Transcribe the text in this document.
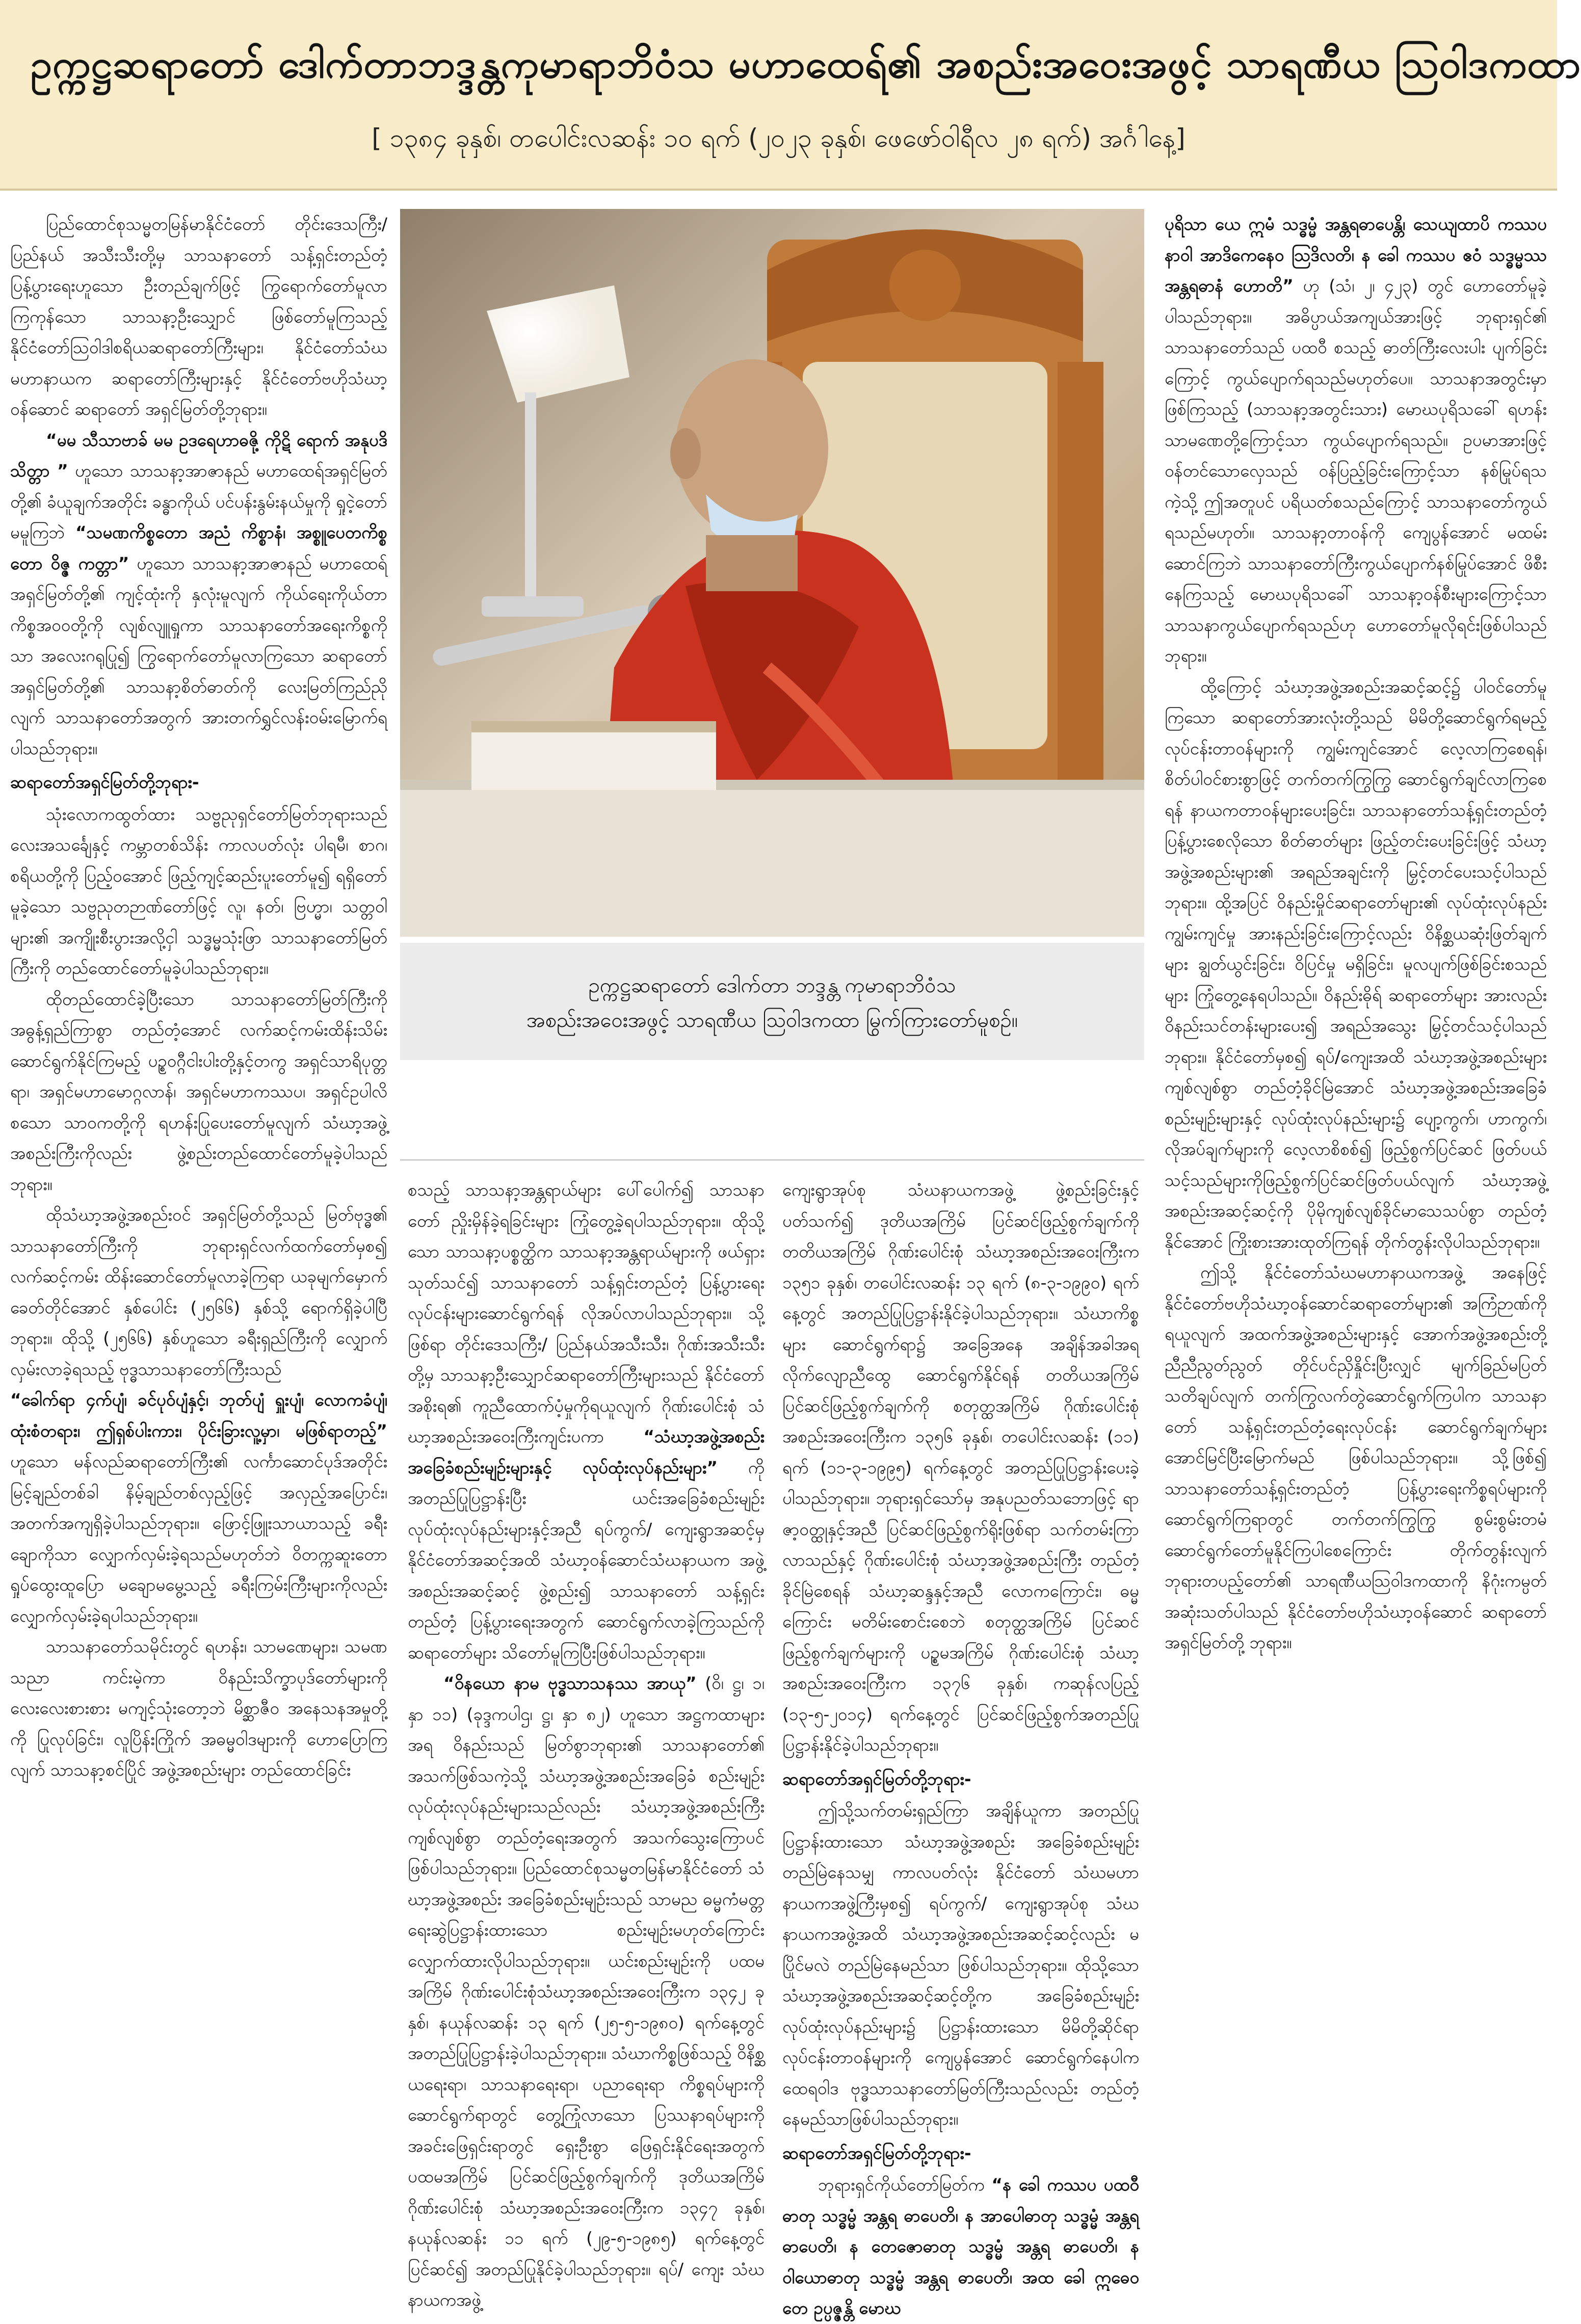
ဥက္ကဋ္ဌဆရာတော် ဒေါက်တာဘဒ္ဒန္တကုမာရာဘိဝံသ မဟာထေရ်၏ အစည်းအဝေးအဖွင့် သာရဏီယ ဩဝါဒကထာ
[ ၁၃၈၄ ခုနှစ်၊ တပေါင်းလဆန်း ၁၀ ရက် (၂၀၂၃ ခုနှစ်၊ ဖေဖော်ဝါရီလ ၂၈ ရက်) အင်္ဂါနေ့]

ပြည်ထောင်စုသမ္မတမြန်မာနိုင်ငံတော် တိုင်းဒေသကြီး/ ပြည်နယ် အသီးသီးတို့မှ သာသနာတော် သန့်ရှင်းတည်တံ့ ပြန့်ပွားရေးဟူသော ဦးတည်ချက်ဖြင့် ကြွရောက်တော်မူလာကြကုန်သော သာသနာ့ဦးသျှောင် ဖြစ်တော်မူကြသည့် နိုင်ငံတော်ဩဝါဒါစရိယဆရာတော်ကြီးများ၊ နိုင်ငံတော်သံဃမဟာနာယက ဆရာတော်ကြီးများနှင့် နိုင်ငံတော်ဗဟိုသံဃာ့ဝန်ဆောင် ဆရာတော် အရှင်မြတ်တို့ဘုရား။

“မမ သီသာဗာခ် မမ ဥဒရေဟာဓဇို့ ကိုဋိ ရောက် အနုပဒိသိတ္တာ ” ဟူသော သာသနာ့အာဇာနည် မဟာထေရ်အရှင်မြတ်တို့၏ ခံယူချက်အတိုင်း ခန္ဓာကိုယ် ပင်ပန်းနွမ်းနယ်မှုကို ရှုငဲ့တော်မမူကြဘဲ “သမဏကိစ္စတော အညံ ကိစ္စာနံ၊ အစ္စူပေတကိစ္စတော ဝိဇ္ဇ ကတ္တာ” ဟူသော သာသနာ့အာဇာနည် မဟာထေရ်အရှင်မြတ်တို့၏ ကျင့်ထုံးကို နှလုံးမူလျက် ကိုယ်ရေးကိုယ်တာကိစ္စအဝဝတို့ကို လျစ်လျူရှုကာ သာသနာတော်အရေးကိစ္စကိုသာ အလေးဂရုပြု၍ ကြွရောက်တော်မူလာကြသော ဆရာတော် အရှင်မြတ်တို့၏ သာသနာ့စိတ်ဓာတ်ကို လေးမြတ်ကြည်ညိုလျက် သာသနာတော်အတွက် အားတက်ရွှင်လန်းဝမ်းမြောက်ရပါသည်ဘုရား။

ဆရာတော်အရှင်မြတ်တို့ဘုရား-

သုံးလောကထွတ်ထား သဗ္ဗညုရှင်တော်မြတ်ဘုရားသည် လေးအသင်္ချေနှင့် ကမ္ဘာတစ်သိန်း ကာလပတ်လုံး ပါရမီ၊ စာဂ၊ စရိယတို့ကို ပြည့်ဝအောင် ဖြည့်ကျင့်ဆည်းပူးတော်မူ၍ ရရှိတော်မူခဲ့သော သဗ္ဗညုတဉာဏ်တော်ဖြင့် လူ၊ နတ်၊ ဗြဟ္မာ၊ သတ္တဝါများ၏ အကျိုးစီးပွားအလို့ငှါ သဒ္ဓမ္မသုံးဖြာ သာသနာတော်မြတ်ကြီးကို တည်ထောင်တော်မူခဲ့ပါသည်ဘုရား။

ထိုတည်ထောင်ခဲ့ပြီးသော သာသနာတော်မြတ်ကြီးကို အဓွန့်ရှည်ကြာစွာ တည်တံ့အောင် လက်ဆင့်ကမ်းထိန်းသိမ်းဆောင်ရွက်နိုင်ကြမည့် ပဉ္စဝဂ္ဂီငါးပါးတို့နှင့်တကွ အရှင်သာရိပုတ္တရာ၊ အရှင်မဟာမောဂ္ဂလာန်၊ အရှင်မဟာကဿပ၊ အရှင်ဥပါလိ စသော သာဝကတို့ကို ရဟန်းပြုပေးတော်မူလျက် သံဃာ့အဖွဲ့အစည်းကြီးကိုလည်း ဖွဲ့စည်းတည်ထောင်တော်မူခဲ့ပါသည်ဘုရား။

ထိုသံဃာ့အဖွဲ့အစည်းဝင် အရှင်မြတ်တို့သည် မြတ်ဗုဒ္ဓ၏ သာသနာတော်ကြီးကို ဘုရားရှင်လက်ထက်တော်မှစ၍ လက်ဆင့်ကမ်း ထိန်းဆောင်တော်မူလာခဲ့ကြရာ ယခုမျက်မှောက်ခေတ်တိုင်အောင် နှစ်ပေါင်း (၂၅၆၆) နှစ်သို့ ရောက်ရှိခဲ့ပါပြီဘုရား။ ထိုသို့ (၂၅၆၆) နှစ်ဟူသော ခရီးရှည်ကြီးကို လျှောက်လှမ်းလာခဲ့ရသည့် ဗုဒ္ဓသာသနာတော်ကြီးသည်

“ခေါက်ရာ ၄က်ပျံ၊ ခင်ပုဝ်ပျံနှင့်၊ ဘုတ်ပျံ ရှူးပျံ၊ လောကခံပျံ၊ ထုံးစံတရား၊ ဤရှစ်ပါးကား၊ ပိုင်းခြားလူ့မှာ၊ မဖြစ်ရာတည့်” ဟူသော မန်လည်ဆရာတော်ကြီး၏ လင်္ကာဆောင်ပုဒ်အတိုင်း မြင့်ချည်တစ်ခါ နိမ့်ချည်တစ်လှည့်ဖြင့် အလှည့်အပြောင်း၊ အတက်အကျရှိခဲ့ပါသည်ဘုရား။ ဖြောင့်ဖြူးသာယာသည့် ခရီးချောကိုသာ လျှောက်လှမ်းခဲ့ရသည်မဟုတ်ဘဲ ဝိတက္ကဆူးတော ရှုပ်ထွေးထူပြော မချောမမွေ့သည့် ခရီးကြမ်းကြီးများကိုလည်း လျှောက်လှမ်းခဲ့ရပါသည်ဘုရား။

သာသနာတော်သမိုင်းတွင် ရဟန်း၊ သာမဏေများ၊ သမဏသညာ ကင်းမဲ့ကာ ဝိနည်းသိက္ခာပုဒ်တော်များကို လေးလေးစားစား မကျင့်သုံးတော့ဘဲ မိစ္ဆာဇီဝ အနေသနအမှုတို့ကို ပြုလုပ်ခြင်း၊ လူပြိန်းကြိုက် အဓမ္မဝါဒများကို ဟောပြောကြလျက် သာသနာ့စင်ပြိုင် အဖွဲ့အစည်းများ တည်ထောင်ခြင်း

ဥက္ကဋ္ဌဆရာတော် ဒေါက်တာ ဘဒ္ဒန္တ ကုမာရာဘိဝံသ
အစည်းအဝေးအဖွင့် သာရဏီယ ဩဝါဒကထာ မြွက်ကြားတော်မူစဉ်။

စသည့် သာသနာ့အန္တရာယ်များ ပေါ်ပေါက်၍ သာသနာတော် ညှိုးမှိန်ခဲ့ရခြင်းများ ကြုံတွေ့ခဲ့ရပါသည်ဘုရား။ ထိုသို့သော သာသနာ့ပစ္စတ္ထိက သာသနာ့အန္တရာယ်များကို ဖယ်ရှားသုတ်သင်၍ သာသနာတော် သန့်ရှင်းတည်တံ့ ပြန့်ပွားရေးလုပ်ငန်းများဆောင်ရွက်ရန် လိုအပ်လာပါသည်ဘုရား။ သို့ဖြစ်ရာ တိုင်းဒေသကြီး/ ပြည်နယ်အသီးသီး၊ ဂိုဏ်းအသီးသီးတို့မှ သာသနာ့ဦးသျှောင်ဆရာတော်ကြီးများသည် နိုင်ငံတော်အစိုးရ၏ ကူညီထောက်ပံ့မှုကိုရယူလျက် ဂိုဏ်းပေါင်းစုံ သံဃာ့အစည်းအဝေးကြီးကျင်းပကာ “သံဃာ့အဖွဲ့အစည်း အခြေခံစည်းမျဉ်းများနှင့် လုပ်ထုံးလုပ်နည်းများ” ကို အတည်ပြုပြဋ္ဌာန်းပြီး ယင်းအခြေခံစည်းမျဉ်း လုပ်ထုံးလုပ်နည်းများနှင့်အညီ ရပ်ကွက်/ ကျေးရွာအဆင့်မှ နိုင်ငံတော်အဆင့်အထိ သံဃာ့ဝန်ဆောင်သံဃနာယက အဖွဲ့အစည်းအဆင့်ဆင့် ဖွဲ့စည်း၍ သာသနာတော် သန့်ရှင်းတည်တံ့ ပြန့်ပွားရေးအတွက် ဆောင်ရွက်လာခဲ့ကြသည်ကို ဆရာတော်များ သိတော်မူကြပြီးဖြစ်ပါသည်ဘုရား။

“ဝိနယော နာမ ဗုဒ္ဓသာသနဿ အာယု” (ဝိ၊ ဋ္ဌ၊ ၁၊ နှာ ၁၁) (ခုဒ္ဒကပါဌ၊ ဋ္ဌ၊ နှာ ၈၂) ဟူသော အဋ္ဌကထာများအရ ဝိနည်းသည် မြတ်စွာဘုရား၏ သာသနာတော်၏ အသက်ဖြစ်သကဲ့သို့ သံဃာ့အဖွဲ့အစည်းအခြေခံ စည်းမျဉ်း လုပ်ထုံးလုပ်နည်းများသည်လည်း သံဃာ့အဖွဲ့အစည်းကြီး ကျစ်လျစ်စွာ တည်တံ့ရေးအတွက် အသက်သွေးကြောပင် ဖြစ်ပါသည်ဘုရား။ ပြည်ထောင်စုသမ္မတမြန်မာနိုင်ငံတော် သံဃာ့အဖွဲ့အစည်း အခြေခံစည်းမျဉ်းသည် သာမည ဓမ္မကံမတ္တ ရေးဆွဲပြဋ္ဌာန်းထားသော စည်းမျဉ်းမဟုတ်ကြောင်း လျှောက်ထားလိုပါသည်ဘုရား။ ယင်းစည်းမျဉ်းကို ပထမအကြိမ် ဂိုဏ်းပေါင်းစုံသံဃာ့အစည်းအဝေးကြီးက ၁၃၄၂ ခုနှစ်၊ နယုန်လဆန်း ၁၃ ရက် (၂၅-၅-၁၉၈၀) ရက်နေ့တွင် အတည်ပြုပြဋ္ဌာန်းခဲ့ပါသည်ဘုရား။ သံဃာကိစ္စဖြစ်သည့် ဝိနိစ္ဆယရေးရာ၊ သာသနာရေးရာ၊ ပညာရေးရာ ကိစ္စရပ်များကို ဆောင်ရွက်ရာတွင် တွေ့ကြုံလာသော ပြဿနာရပ်များကို အခင်းဖြေရှင်းရာတွင် ရှေးဦးစွာ ဖြေရှင်းနိုင်ရေးအတွက် ပထမအကြိမ် ပြင်ဆင်ဖြည့်စွက်ချက်ကို ဒုတိယအကြိမ် ဂိုဏ်းပေါင်းစုံ သံဃာ့အစည်းအဝေးကြီးက ၁၃၄၇ ခုနှစ်၊ နယုန်လဆန်း ၁၁ ရက် (၂၉-၅-၁၉၈၅) ရက်နေ့တွင် ပြင်ဆင်၍ အတည်ပြုနိုင်ခဲ့ပါသည်ဘုရား။ ရပ်/ ကျေး သံဃနာယကအဖွဲ့

ကျေးရွာအုပ်စု သံဃနာယကအဖွဲ့ ဖွဲ့စည်းခြင်းနှင့် ပတ်သက်၍ ဒုတိယအကြိမ် ပြင်ဆင်ဖြည့်စွက်ချက်ကို တတိယအကြိမ် ဂိုဏ်းပေါင်းစုံ သံဃာ့အစည်းအဝေးကြီးက ၁၃၅၁ ခုနှစ်၊ တပေါင်းလဆန်း ၁၃ ရက် (၈-၃-၁၉၉၀) ရက်နေ့တွင် အတည်ပြုပြဋ္ဌာန်းနိုင်ခဲ့ပါသည်ဘုရား။ သံဃာကိစ္စများ ဆောင်ရွက်ရာ၌ အခြေအနေ အချိန်အခါအရ လိုက်လျောညီထွေ ဆောင်ရွက်နိုင်ရန် တတိယအကြိမ် ပြင်ဆင်ဖြည့်စွက်ချက်ကို စတုတ္ထအကြိမ် ဂိုဏ်းပေါင်းစုံ အစည်းအဝေးကြီးက ၁၃၅၆ ခုနှစ်၊ တပေါင်းလဆန်း (၁၁) ရက် (၁၁-၃-၁၉၉၅) ရက်နေ့တွင် အတည်ပြုပြဋ္ဌာန်းပေးခဲ့ပါသည်ဘုရား။ ဘုရားရှင်သော်မှ အနုပညတ်သဘောဖြင့် ရာဇာ့ဝတ္ထုနှင့်အညီ ပြင်ဆင်ဖြည့်စွက်ရိုးဖြစ်ရာ သက်တမ်းကြာလာသည်နှင့် ဂိုဏ်းပေါင်းစုံ သံဃာ့အဖွဲ့အစည်းကြီး တည်တံ့ခိုင်မြဲစေရန် သံဃာ့ဆန္ဒနှင့်အညီ လောကကြောင်း၊ ဓမ္မကြောင်း မတိမ်းစောင်းစေဘဲ စတုတ္ထအကြိမ် ပြင်ဆင်ဖြည့်စွက်ချက်များကို ပဉ္စမအကြိမ် ဂိုဏ်းပေါင်းစုံ သံဃာ့အစည်းအဝေးကြီးက ၁၃၇၆ ခုနှစ်၊ ကဆုန်လပြည့် (၁၃-၅-၂၀၁၄) ရက်နေ့တွင် ပြင်ဆင်ဖြည့်စွက်အတည်ပြုပြဋ္ဌာန်းနိုင်ခဲ့ပါသည်ဘုရား။

ဆရာတော်အရှင်မြတ်တို့ဘုရား-

ဤသို့သက်တမ်းရှည်ကြာ အချိန်ယူကာ အတည်ပြုပြဋ္ဌာန်းထားသော သံဃာ့အဖွဲ့အစည်း အခြေခံစည်းမျဉ်း တည်မြဲနေသမျှ ကာလပတ်လုံး နိုင်ငံတော် သံဃမဟာနာယကအဖွဲ့ကြီးမှစ၍ ရပ်ကွက်/ ကျေးရွာအုပ်စု သံဃနာယကအဖွဲ့အထိ သံဃာ့အဖွဲ့အစည်းအဆင့်ဆင့်လည်း မပြိုင်မလဲ တည်မြဲနေမည်သာ ဖြစ်ပါသည်ဘုရား။ ထိုသို့သော သံဃာ့အဖွဲ့အစည်းအဆင့်ဆင့်တို့က အခြေခံစည်းမျဉ်း လုပ်ထုံးလုပ်နည်းများ၌ ပြဋ္ဌာန်းထားသော မိမိတို့ဆိုင်ရာ လုပ်ငန်းတာဝန်များကို ကျေပွန်အောင် ဆောင်ရွက်နေပါက ထေရဝါဒ ဗုဒ္ဓသာသနာတော်မြတ်ကြီးသည်လည်း တည်တံ့နေမည်သာဖြစ်ပါသည်ဘုရား။

ဆရာတော်အရှင်မြတ်တို့ဘုရား-

ဘုရားရှင်ကိုယ်တော်မြတ်က “န ခေါ ကဿပ ပထဝီဓာတု သဒ္ဓမ္မံ အန္တရ ဓာပေတိ၊ န အာပေါဓာတု သဒ္ဓမ္မံ အန္တရဓာပေတိ၊ န တေဇောဓာတု သဒ္ဓမ္မံ အန္တရ ဓာပေတိ၊ န ဝါယောဓာတု သဒ္ဓမ္မံ အန္တရ ဓာပေတိ၊ အထ ခေါ ဣဓေဝ တေ ဥပ္ပဇ္ဇန္တိ မောဃ

ပုရိသာ ယေ ဣမံ သဒ္ဓမ္မံ အန္တရဓာပေန္တိ၊ သေယျထာပိ ကဿပ နာဝါ အာဒိကေနေဝ ဩဒိလတိ၊ န ခေါ ကဿပ ဧဝံ သဒ္ဓမ္မဿ အန္တရဓာနံ ဟောတိ” ဟု (သံ၊ ၂၊ ၄၂၃) တွင် ဟောတော်မူခဲ့ပါသည်ဘုရား။ အဓိပ္ပာယ်အကျယ်အားဖြင့် ဘုရားရှင်၏ သာသနာတော်သည် ပထဝီ စသည့် ဓာတ်ကြီးလေးပါး ပျက်ခြင်းကြောင့် ကွယ်ပျောက်ရသည်မဟုတ်ပေ။ သာသနာအတွင်းမှာ ဖြစ်ကြသည့် (သာသနာ့အတွင်းသား) မောဃပုရိသခေါ် ရဟန်းသာမဏေတို့ကြောင့်သာ ကွယ်ပျောက်ရသည်။ ဥပမာအားဖြင့် ဝန်တင်သောလှေသည် ဝန်ပြည့်ခြင်းကြောင့်သာ နစ်မြုပ်ရသကဲ့သို့ ဤအတူပင် ပရိယတ်စသည်ကြောင့် သာသနာတော်ကွယ်ရသည်မဟုတ်။ သာသနာ့တာဝန်ကို ကျေပွန်အောင် မထမ်းဆောင်ကြဘဲ သာသနာတော်ကြီးကွယ်ပျောက်နစ်မြုပ်အောင် ဖိစီးနေကြသည့် မောဃပုရိသခေါ် သာသနာ့ဝန်စီးများကြောင့်သာ သာသနာကွယ်ပျောက်ရသည်ဟု ဟောတော်မူလိုရင်းဖြစ်ပါသည်ဘုရား။

ထို့ကြောင့် သံဃာ့အဖွဲ့အစည်းအဆင့်ဆင့်၌ ပါဝင်တော်မူကြသော ဆရာတော်အားလုံးတို့သည် မိမိတို့ဆောင်ရွက်ရမည့် လုပ်ငန်းတာဝန်များကို ကျွမ်းကျင်အောင် လေ့လာကြစေရန်၊ စိတ်ပါဝင်စားစွာဖြင့် တက်တက်ကြွကြွ ဆောင်ရွက်ချင်လာကြစေရန် နာယကတာဝန်များပေးခြင်း၊ သာသနာတော်သန့်ရှင်းတည်တံ့ပြန့်ပွားစေလိုသော စိတ်ဓာတ်များ ဖြည့်တင်းပေးခြင်းဖြင့် သံဃာ့အဖွဲ့အစည်းများ၏ အရည်အချင်းကို မြှင့်တင်ပေးသင့်ပါသည်ဘုရား။ ထို့အပြင် ဝိနည်းမှိုင်ဆရာတော်များ၏ လုပ်ထုံးလုပ်နည်း ကျွမ်းကျင်မှု အားနည်းခြင်းကြောင့်လည်း ဝိနိစ္ဆယဆုံးဖြတ်ချက်များ ချွတ်ယွင်းခြင်း၊ ဝိပြင်မှု မရှိခြင်း၊ မူလပျက်ဖြစ်ခြင်းစသည်များ ကြုံတွေ့နေရပါသည်။ ဝိနည်းဓိုရ် ဆရာတော်များ အားလည်း ဝိနည်းသင်တန်းများပေး၍ အရည်အသွေး မြှင့်တင်သင့်ပါသည်ဘုရား။ နိုင်ငံတော်မှစ၍ ရပ်/ကျေးအထိ သံဃာ့အဖွဲ့အစည်းများ ကျစ်လျစ်စွာ တည်တံ့ခိုင်မြဲအောင် သံဃာ့အဖွဲ့အစည်းအခြေခံ စည်းမျဉ်းများနှင့် လုပ်ထုံးလုပ်နည်းများ၌ ပျော့ကွက်၊ ဟာကွက်၊ လိုအပ်ချက်များကို လေ့လာစိစစ်၍ ဖြည့်စွက်ပြင်ဆင် ဖြတ်ပယ်သင့်သည်များကိုဖြည့်စွက်ပြင်ဆင်ဖြတ်ပယ်လျက် သံဃာ့အဖွဲ့အစည်းအဆင့်ဆင့်ကို ပိုမိုကျစ်လျစ်ခိုင်မာသေသပ်စွာ တည်တံ့နိုင်အောင် ကြိုးစားအားထုတ်ကြရန် တိုက်တွန်းလိုပါသည်ဘုရား။

ဤသို့ နိုင်ငံတော်သံဃမဟာနာယကအဖွဲ့ အနေဖြင့် နိုင်ငံတော်ဗဟိုသံဃာ့ဝန်ဆောင်ဆရာတော်များ၏ အကြံဉာဏ်ကိုရယူလျက် အထက်အဖွဲ့အစည်းများနှင့် အောက်အဖွဲ့အစည်းတို့ ညီညီညွတ်ညွတ် တိုင်ပင်ညှိနှိုင်းပြီးလျှင် မျက်ခြည်မပြတ် သတိချပ်လျက် တက်ကြွလက်တွဲဆောင်ရွက်ကြပါက သာသနာတော် သန့်ရှင်းတည်တံ့ရေးလုပ်ငန်း ဆောင်ရွက်ချက်များ အောင်မြင်ပြီးမြောက်မည် ဖြစ်ပါသည်ဘုရား။ သို့ဖြစ်၍ သာသနာတော်သန့်ရှင်းတည်တံ့ ပြန့်ပွားရေးကိစ္စရပ်များကို ဆောင်ရွက်ကြရာတွင် တက်တက်ကြွကြွ စွမ်းစွမ်းတမံ ဆောင်ရွက်တော်မူနိုင်ကြပါစေကြောင်း တိုက်တွန်းလျက် ဘုရားတပည့်တော်၏ သာရဏီယဩဝါဒကထာကို နိဂုံးကမ္ပတ်အဆုံးသတ်ပါသည် နိုင်ငံတော်ဗဟိုသံဃာ့ဝန်ဆောင် ဆရာတော်အရှင်မြတ်တို့ ဘုရား။
